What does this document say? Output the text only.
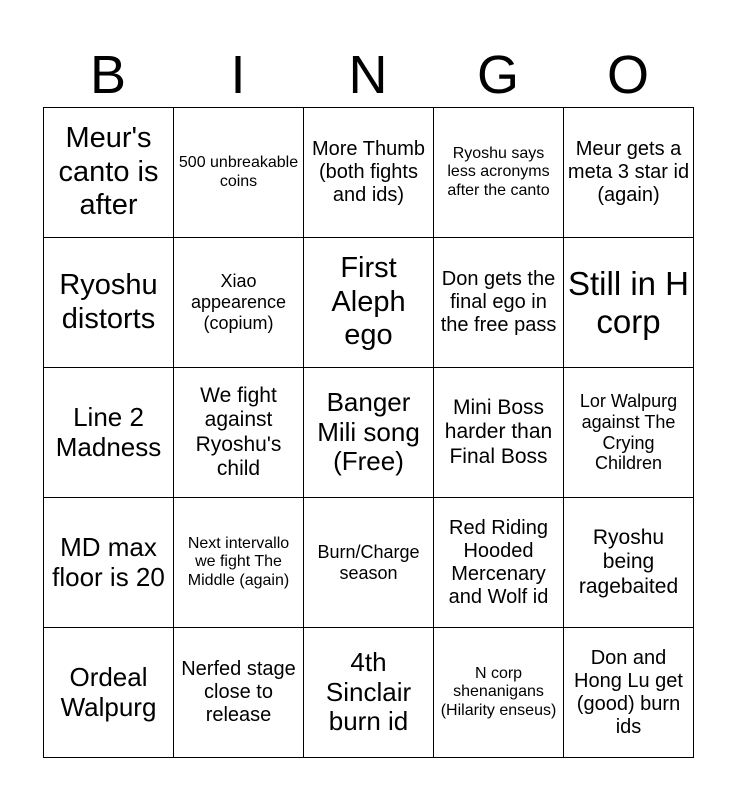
B	I	N	G	O
Meur's canto is after	500 unbreakable coins	More Thumb (both fights and ids)	Ryoshu says less acronyms after the canto	Meur gets a meta 3 star id (again)
Ryoshu distorts	Xiao appearence (copium)	First Aleph ego	Don gets the final ego in the free pass	Still in H corp
Line 2 Madness	We fight against Ryoshu's child	Banger Mili song (Free)	Mini Boss harder than Final Boss	Lor Walpurg against The Crying Children
MD max floor is 20	Next intervallo we fight The Middle (again)	Burn/Charge season	Red Riding Hooded Mercenary and Wolf id	Ryoshu being ragebaited
Ordeal Walpurg	Nerfed stage close to release	4th Sinclair burn id	N corp shenanigans (Hilarity enseus)	Don and Hong Lu get (good) burn ids
